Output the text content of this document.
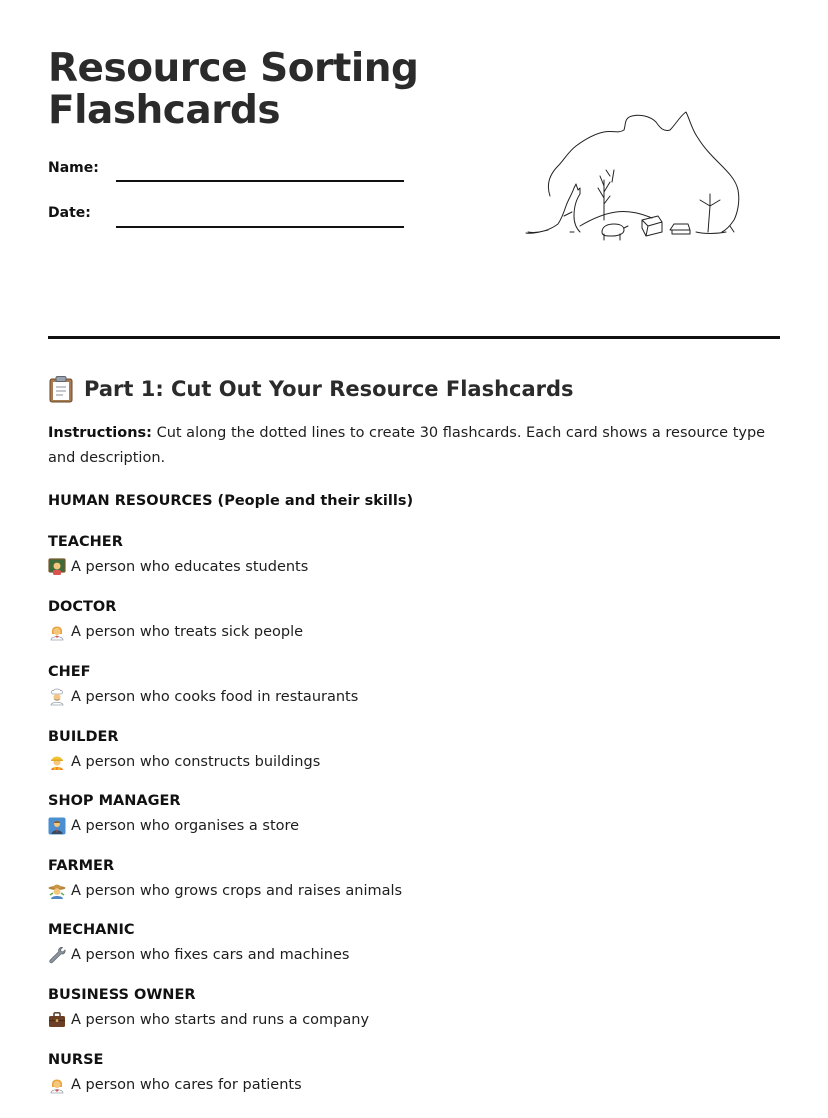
Resource Sorting
Flashcards
Name:
Date:
Part 1: Cut Out Your Resource Flashcards

Instructions: Cut along the dotted lines to create 30 flashcards. Each card shows a resource type and description.

HUMAN RESOURCES (People and their skills)
TEACHER
A person who educates students
DOCTOR
A person who treats sick people
CHEF
A person who cooks food in restaurants
BUILDER
A person who constructs buildings
SHOP MANAGER
A person who organises a store
FARMER
A person who grows crops and raises animals
MECHANIC
A person who fixes cars and machines
BUSINESS OWNER
A person who starts and runs a company
NURSE
A person who cares for patients
